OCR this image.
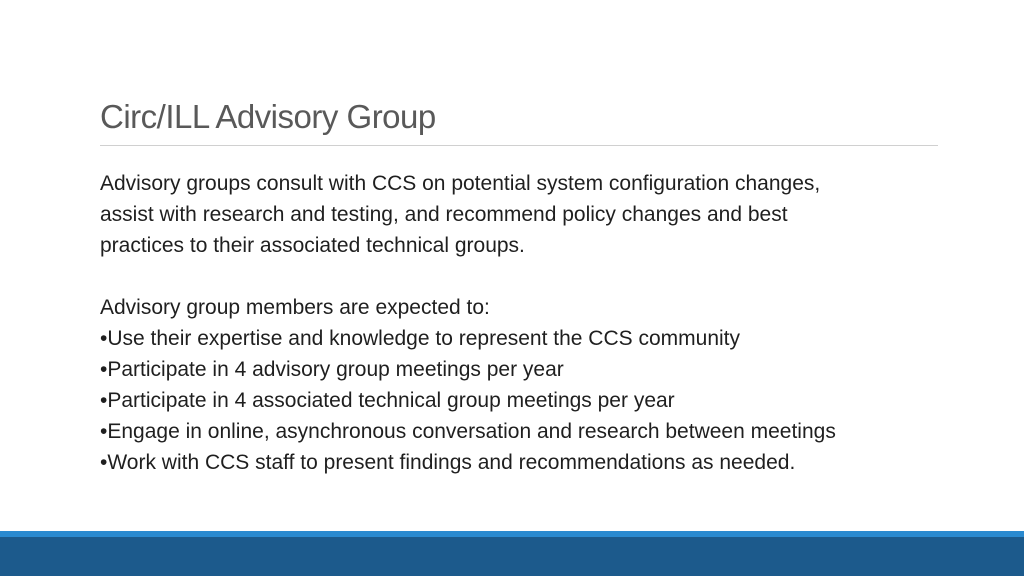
Circ/ILL Advisory Group

Advisory groups consult with CCS on potential system configuration changes,

assist with research and testing, and recommend policy changes and best

practices to their associated technical groups.

Advisory group members are expected to:

•Use their expertise and knowledge to represent the CCS community

•Participate in 4 advisory group meetings per year

•Participate in 4 associated technical group meetings per year

•Engage in online, asynchronous conversation and research between meetings

•Work with CCS staff to present findings and recommendations as needed.
